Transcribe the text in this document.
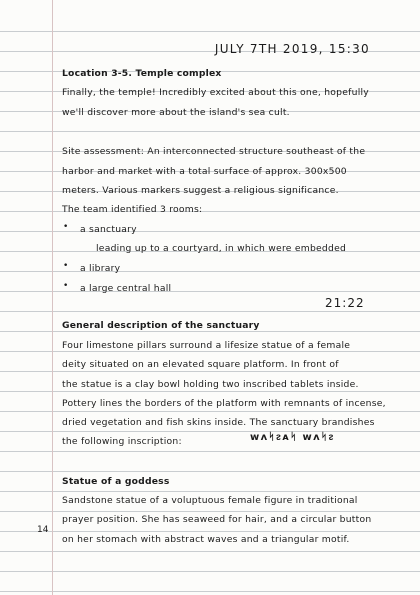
JULY 7TH 2019, 15:30
Location 3-5. Temple complex
Finally, the temple! Incredibly excited about this one, hopefully
we'll discover more about the island's sea cult.
Site assessment: An interconnected structure southeast of the
harbor and market with a total surface of approx. 300x500
meters. Various markers suggest a religious significance.
The team identified 3 rooms:
• a sanctuary
leading up to a courtyard, in which were embedded
• a library
• a large central hall
21:22
General description of the sanctuary
Four limestone pillars surround a lifesize statue of a female
deity situated on an elevated square platform. In front of
the statue is a clay bowl holding two inscribed tablets inside.
Pottery lines the borders of the platform with remnants of incense,
dried vegetation and fish skins inside. The sanctuary brandishes
the following inscription:	ᴡᴧᛋᴤᴀᛋ ᴡᴧᛋᴤ
Statue of a goddess
Sandstone statue of a voluptuous female figure in traditional
prayer position. She has seaweed for hair, and a circular button
on her stomach with abstract waves and a triangular motif.
14
